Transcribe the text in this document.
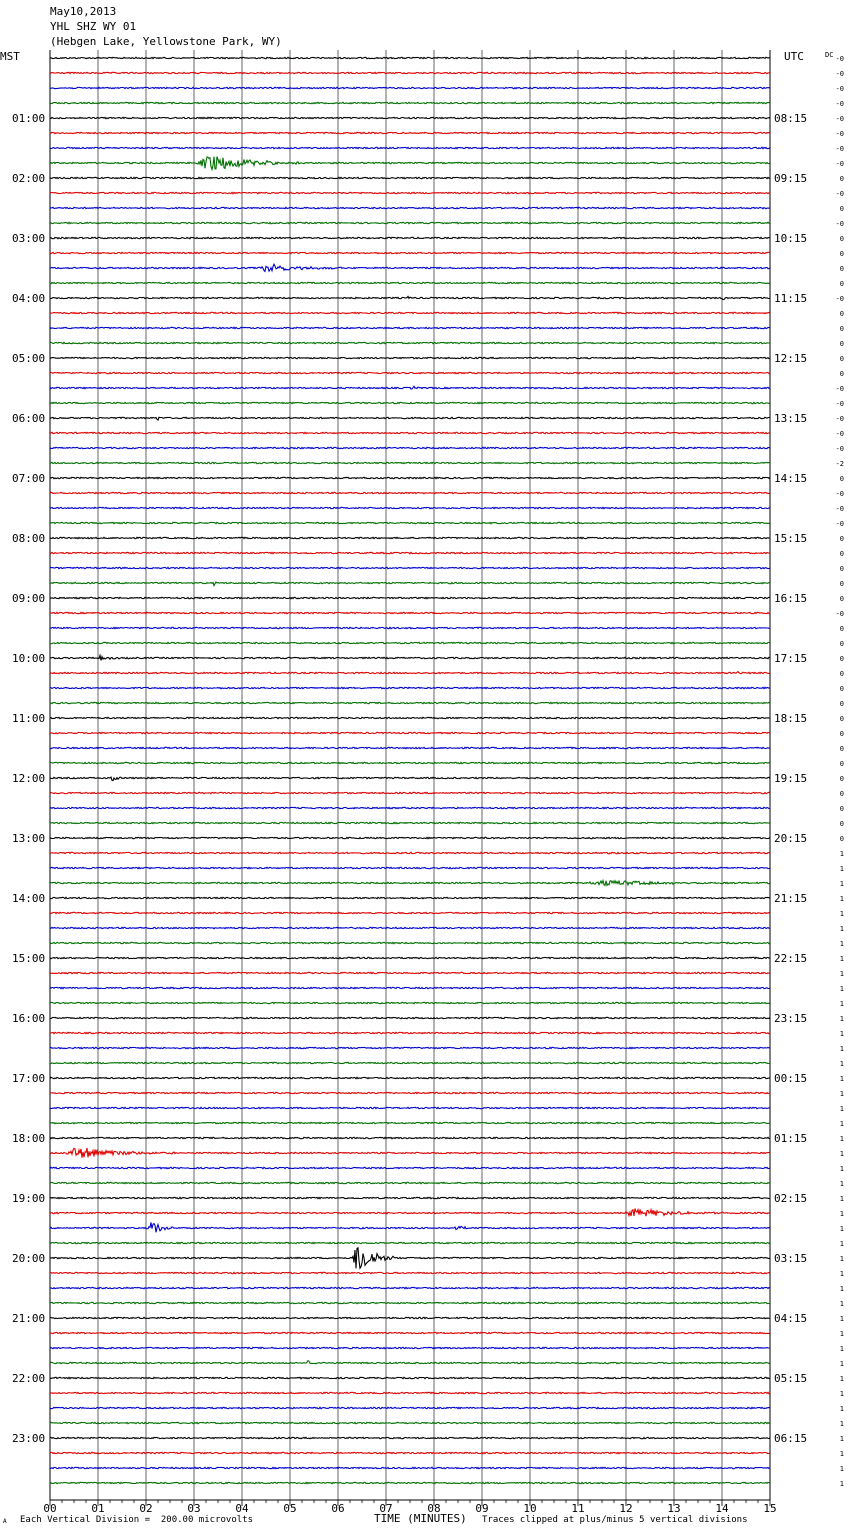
May10,2013
YHL SHZ WY 01
(Hebgen Lake, Yellowstone Park, WY)
MST	UTC	DC
01:00
02:00
03:00
04:00
05:00
06:00
07:00
08:00
09:00
10:00
11:00
12:00
13:00
14:00
15:00
16:00
17:00
18:00
19:00
20:00
21:00
22:00
23:00
08:15
09:15
10:15
11:15
12:15
13:15
14:15
15:15
16:15
17:15
18:15
19:15
20:15
21:15
22:15
23:15
00:15
01:15
02:15
03:15
04:15
05:15
06:15
-0
-0
-0
-0
-0
-0
-0
-0
0
-0
0
-0
0
0
0
0
-0
0
0
0
0
0
-0
-0
-0
-0
-0
-2
0
-0
-0
-0
0
0
0
0
0
-0
0
0
0
0
0
0
0
0
0
0
0
0
0
0
0
1
1
1
1
1
1
1
1
1
1
1
1
1
1
1
1
1
1
1
1
1
1
1
1
1
1
1
1
1
1
1
1
1
1
1
1
1
1
1
1
1
1
1
00	01	02	03	04	05	06	07	08	09	10	11	12	13	14	15
A Each Vertical Division =  200.00 microvolts	TIME (MINUTES) Traces clipped at plus/minus 5 vertical divisions
